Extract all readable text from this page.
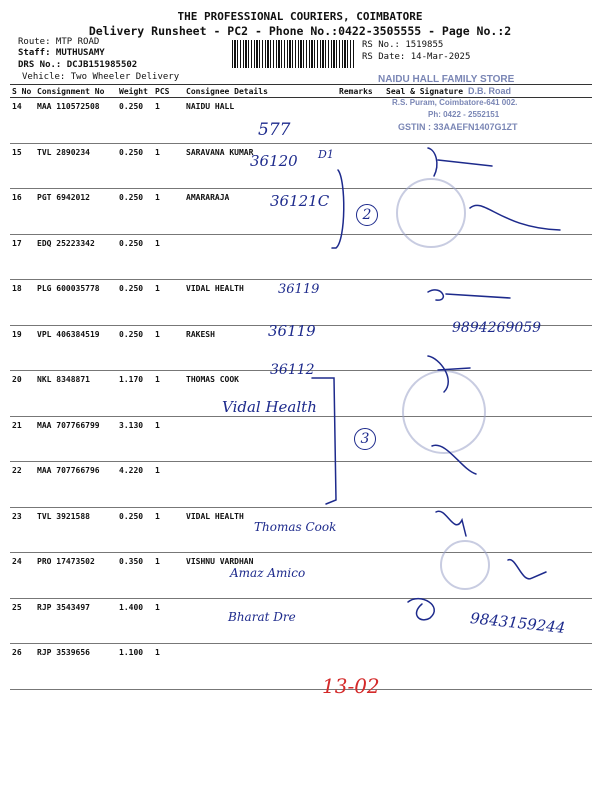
THE PROFESSIONAL COURIERS, COIMBATORE
Delivery Runsheet - PC2 - Phone No.:0422-3505555 - Page No.:2
Route: MTP ROAD
Staff: MUTHUSAMY
DRS No.: DCJB151985502
Vehicle: Two Wheeler Delivery
RS No.: 1519855
RS Date: 14-Mar-2025
S No	Consignment No	Weight	PCS	Consignee Details	Remarks	Seal & Signature
14	MAA 110572508	0.250	1	NAIDU HALL		
15	TVL 2890234	0.250	1	SARAVANA KUMAR		
16	PGT 6942012	0.250	1	AMARARAJA		
17	EDQ 25223342	0.250	1			
18	PLG 600035778	0.250	1	VIDAL HEALTH		
19	VPL 406384519	0.250	1	RAKESH		
20	NKL 8348871	1.170	1	THOMAS COOK		
21	MAA 707766799	3.130	1			
22	MAA 707766796	4.220	1			
23	TVL 3921588	0.250	1	VIDAL HEALTH		
24	PRO 17473502	0.350	1	VISHNU VARDHAN		
25	RJP 3543497	1.400	1			
26	RJP 3539656	1.100	1			
NAIDU HALL FAMILY STORE
D.B. Road
R.S. Puram, Coimbatore-641 002.
Ph: 0422 - 2552151
GSTIN : 33AAEFN1407G1ZT
577
36120 D1
36121C
2
36119
36119	9894269059
36112
Vidal Health
3
Thomas Cook
Amaz Amico
Bharat Dre	9843159244
13-02
